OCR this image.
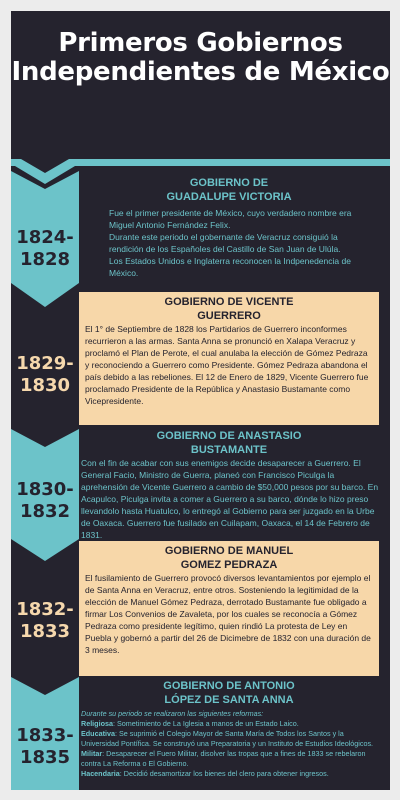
Primeros Gobiernos Independientes de México
1824-1828
GOBIERNO DE
GUADALUPE VICTORIA

Fue el primer presidente de México, cuyo verdadero nombre era Miguel Antonio Fernández Felix.

Durante este periodo el gobernante de Veracruz consiguió la rendición de los Españoles del Castillo de San Juan de Ulúla.

Los Estados Unidos e Inglaterra reconocen la Indpenedencia de México.

1829-1830
GOBIERNO DE VICENTE
GUERRERO

El 1° de Septiembre de 1828 los Partidarios de Guerrero inconformes recurrieron a las armas. Santa Anna se pronunció en Xalapa Veracruz y proclamó el Plan de Perote, el cual anulaba la elección de Gómez Pedraza y reconociendo a Guerrero como Presidente. Gómez Pedraza abandona el país debido a las rebeliones. El 12 de Enero de 1829, Vicente Guerrero fue proclamado Presidente de la República y Anastasio Bustamante como Vicepresidente.

1830-1832
GOBIERNO DE ANASTASIO
BUSTAMANTE

Con el fin de acabar con sus enemigos decide desaparecer a Guerrero. El General Facio, Ministro de Guerra, planeó con Francisco Piculga la aprehensión de Vicente Guerrero a cambio de $50,000 pesos por su barco. En Acapulco, Piculga invita a comer a Guerrero a su barco, dónde lo hizo preso llevandolo hasta Huatulco, lo entregó al Gobierno para ser juzgado en la Urbe de Oaxaca. Guerrero fue fusilado en Cuilapam, Oaxaca, el 14 de Febrero de 1831.

1832-1833
GOBIERNO DE MANUEL
GOMEZ PEDRAZA

El fusilamiento de Guerrero provocó diversos levantamientos por ejemplo el de Santa Anna en Veracruz, entre otros. Sosteniendo la legitimidad de la elección de Manuel Gómez Pedraza, derrotado Bustamante fue obligado a firmar Los Convenios de Zavaleta, por los cuales se reconocía a Gómez Pedraza como presidente legítimo, quien rindió La protesta de Ley en Puebla y gobernó a partir del 26 de Dicimebre de 1832 con una duración de 3 meses.

1833-1835
GOBIERNO DE ANTONIO
LÓPEZ DE SANTA ANNA

Durante su periodo se realizaron las siguientes reformas:

Religiosa: Sometimiento de La Iglesia a manos de un Estado Laico.

Educativa: Se suprimió el Colegio Mayor de Santa María de Todos los Santos y la Universidad Pontífica. Se construyó una Preparatoria y un Instituto de Estudios Ideológicos.

Militar: Desaparecer el Fuero Militar, disolver las tropas que a fines de 1833 se rebelaron contra La Reforma o El Gobierno.

Hacendaria: Decidió desamortizar los bienes del clero para obtener ingresos.
